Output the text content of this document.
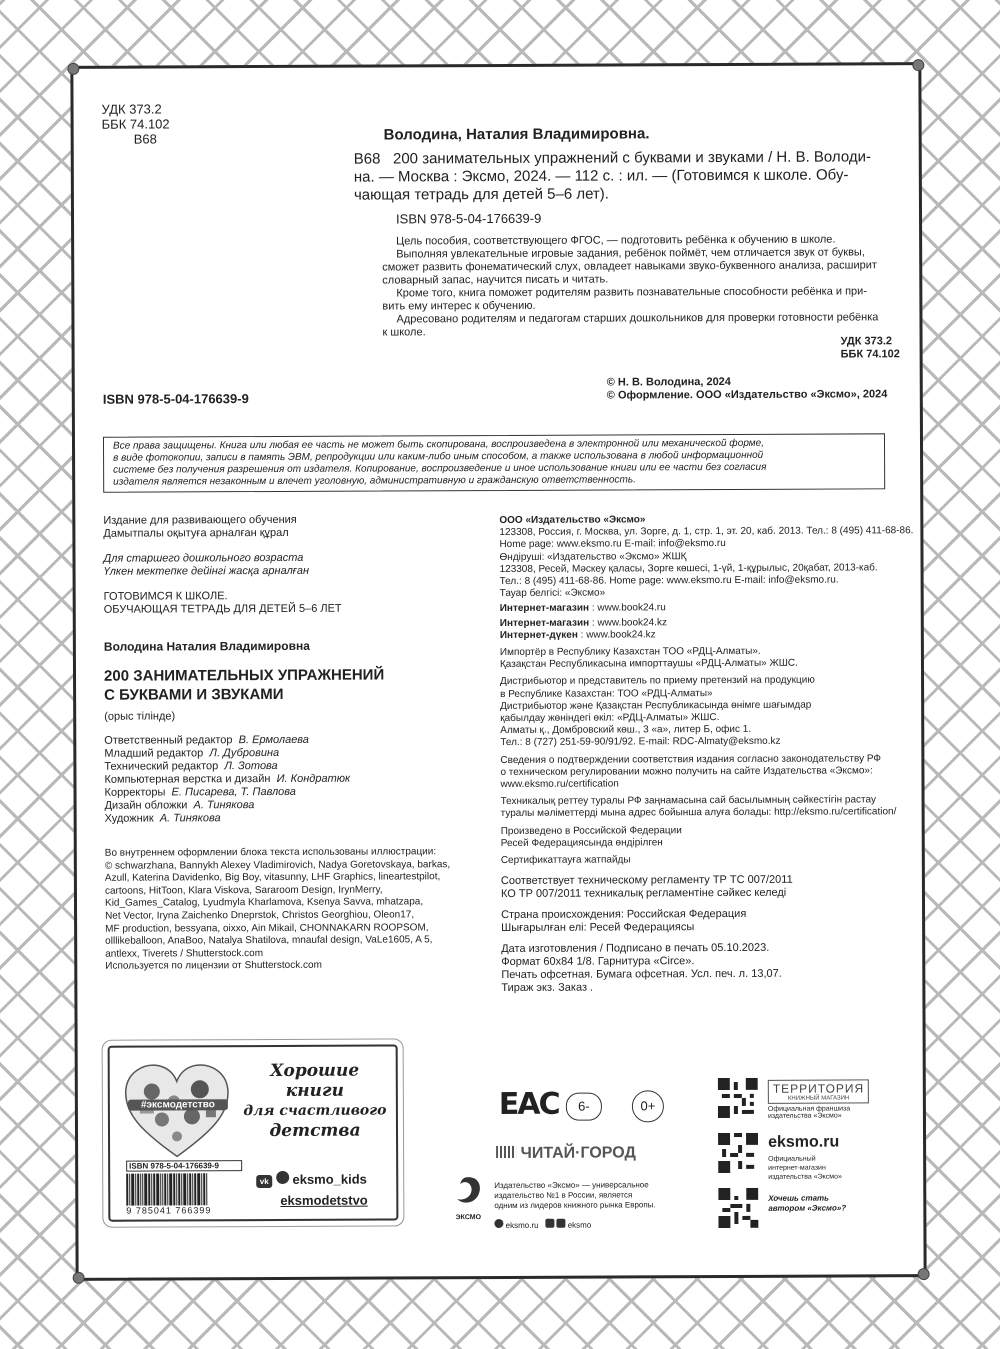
УДК 373.2
ББК 74.102
В68	Володина, Наталия Владимировна.
В68 200 занимательных упражнений с буквами и звуками / Н. В. Володи-
на. — Москва : Эксмо, 2024. — 112 с. : ил. — (Готовимся к школе. Обу-
чающая тетрадь для детей 5–6 лет).
ISBN 978-5-04-176639-9
Цель пособия, соответствующего ФГОС, — подготовить ребёнка к обучению в школе.
Выполняя увлекательные игровые задания, ребёнок поймёт, чем отличается звук от буквы,
сможет развить фонематический слух, овладеет навыками звуко-буквенного анализа, расширит
словарный запас, научится писать и читать.
Кроме того, книга поможет родителям развить познавательные способности ребёнка и при-
вить ему интерес к обучению.
Адресовано родителям и педагогам старших дошкольников для проверки готовности ребёнка
к школе.
УДК 373.2
ББК 74.102
ISBN 978-5-04-176639-9
© Н. В. Володина, 2024
© Оформление. ООО «Издательство «Эксмо», 2024
Все права защищены. Книга или любая ее часть не может быть скопирована, воспроизведена в электронной или механической форме,
в виде фотокопии, записи в память ЭВМ, репродукции или каким-либо иным способом, а также использована в любой информационной
системе без получения разрешения от издателя. Копирование, воспроизведение и иное использование книги или ее части без согласия
издателя является незаконным и влечет уголовную, административную и гражданскую ответственность.
Издание для развивающего обучения
Дамытпалы оқытуға арналған құрал
Для старшего дошкольного возраста
Үлкен мектепке дейінгі жасқа арналған
ГОТОВИМСЯ К ШКОЛЕ.
ОБУЧАЮЩАЯ ТЕТРАДЬ ДЛЯ ДЕТЕЙ 5–6 ЛЕТ
Володина Наталия Владимировна
200 ЗАНИМАТЕЛЬНЫХ УПРАЖНЕНИЙ
С БУКВАМИ И ЗВУКАМИ
(орыс тілінде)
Ответственный редактор В. Ермолаева
Младший редактор Л. Дубровина
Технический редактор Л. Зотова
Компьютерная верстка и дизайн И. Кондратюк
Корректоры Е. Писарева, Т. Павлова
Дизайн обложки А. Тинякова
Художник А. Тинякова
Во внутреннем оформлении блока текста использованы иллюстрации:
© schwarzhana, Bannykh Alexey Vladimirovich, Nadya Goretovskaya, barkas,
Azull, Katerina Davidenko, Big Boy, vitasunny, LHF Graphics, lineartestpilot,
cartoons, HitToon, Klara Viskova, Sararoom Design, IrynMerry,
Kid_Games_Catalog, Lyudmyla Kharlamova, Ksenya Savva, mhatzapa,
Net Vector, Iryna Zaichenko Dneprstok, Christos Georghiou, Oleon17,
MF production, bessyana, oixxo, Ain Mikail, CHONNAKARN ROOPSOM,
olllikeballoon, AnaBoo, Natalya Shatilova, mnaufal design, VaLe1605, A 5,
antlexx, Tiverets / Shutterstock.com
Используется по лицензии от Shutterstock.com
ООО «Издательство «Эксмо»
123308, Россия, г. Москва, ул. Зорге, д. 1, стр. 1, эт. 20, каб. 2013. Тел.: 8 (495) 411-68-86.
Home page: www.eksmo.ru E-mail: info@eksmo.ru
Өндіруші: «Издательство «Эксмо» ЖШҚ
123308, Ресей, Мәскеу қаласы, Зорге көшесі, 1-үй, 1-құрылыс, 20қабат, 2013-каб.
Тел.: 8 (495) 411-68-86. Home page: www.eksmo.ru E-mail: info@eksmo.ru.
Тауар белгісі: «Эксмо»
Интернет-магазин : www.book24.ru
Интернет-магазин : www.book24.kz
Интернет-дүкен : www.book24.kz
Импортёр в Республику Казахстан ТОО «РДЦ-Алматы».
Қазақстан Республикасына импорттаушы «РДЦ-Алматы» ЖШС.
Дистрибьютор и представитель по приему претензий на продукцию
в Республике Казахстан: ТОО «РДЦ-Алматы»
Дистрибьютор және Қазақстан Республикасында өнімге шағымдар
қабылдау жөніндегі өкіл: «РДЦ-Алматы» ЖШС.
Алматы қ., Домбровский көш., 3 «а», литер Б, офис 1.
Тел.: 8 (727) 251-59-90/91/92. E-mail: RDC-Almaty@eksmo.kz
Сведения о подтверждении соответствия издания согласно законодательству РФ
о техническом регулировании можно получить на сайте Издательства «Эксмо»:
www.eksmo.ru/certification
Техникалық реттеу туралы РФ заңнамасына сай басылымның сәйкестігін растау
туралы мәліметтерді мына адрес бойынша алуға болады: http://eksmo.ru/certification/
Произведено в Российской Федерации
Ресей Федерациясында өндірілген
Сертификаттауға жатпайды
Соответствует техническому регламенту ТР ТС 007/2011
КО ТР 007/2011 техникалық регламентіне сәйкес келеді
Страна происхождения: Российская Федерация
Шығарылған елі: Ресей Федерациясы
Дата изготовления / Подписано в печать 05.10.2023.
Формат 60x84 1/8. Гарнитура «Circe».
Печать офсетная. Бумага офсетная. Усл. печ. л. 13,07.
Тираж экз. Заказ .
#эксмодетство
Хорошие
книги
для счастливого
детства
ISBN 978-5-04-176639-9
9 785041 766399
vk eksmo_kids
eksmodetstvo
EAC	6-	0+
ЧИТАЙ·ГОРОД
ЭКСМО
Издательство «Эксмо» — универсальное
издательство №1 в России, является
одним из лидеров книжного рынка Европы.
eksmo.ru	eksmo
ТЕРРИТОРИЯ
КНИЖНЫЙ МАГАЗИН
Официальная франшиза
издательства «Эксмо»
eksmo.ru
Официальный
интернет-магазин
издательства «Эксмо»
Хочешь стать
автором «Эксмо»?
